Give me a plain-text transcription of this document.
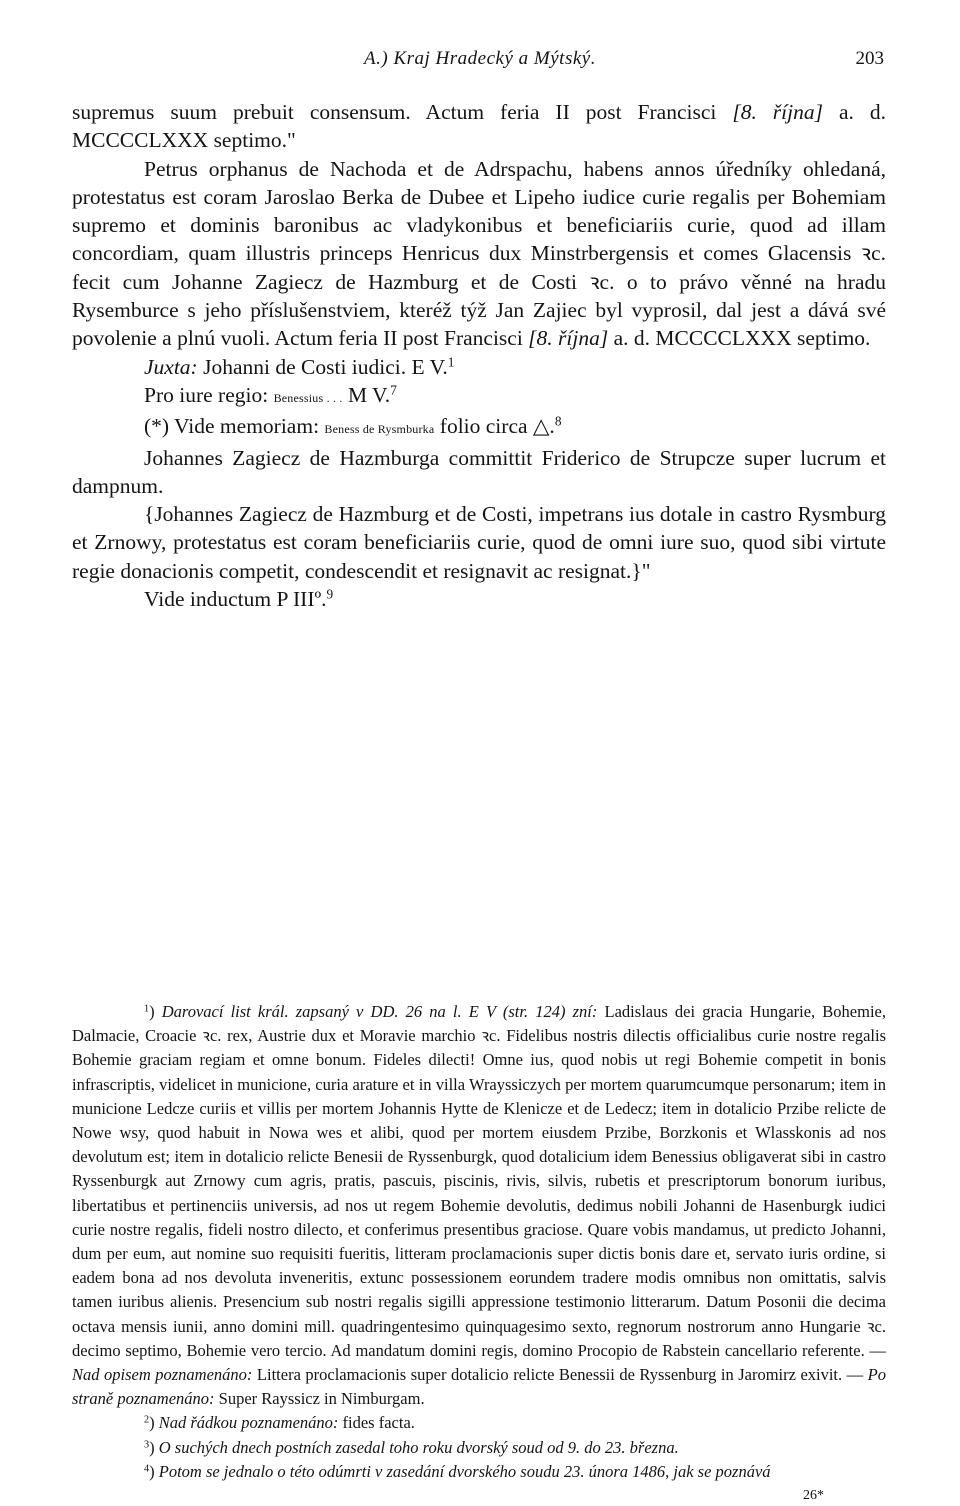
A.) Kraj Hradecký a Mýtský.	203

supremus suum prebuit consensum. Actum feria II post Francisci [8. října] a. d. MCCCCLXXX septimo."

Petrus orphanus de Nachoda et de Adrspachu, habens annos úředníky ohledaná, protestatus est coram Jaroslao Berka de Dubee et Lipeho iudice curie regalis per Bohemiam supremo et dominis baronibus ac vladykonibus et beneficiariis curie, quod ad illam concordiam, quam illustris princeps Henricus dux Minstrbergensis et comes Glacensis ꝛc. fecit cum Johanne Zagiecz de Hazmburg et de Costi ꝛc. o to právo věnné na hradu Rysemburce s jeho příslušenstviem, kteréž týž Jan Zajiec byl vyprosil, dal jest a dává své povolenie a plnú vuoli. Actum feria II post Francisci [8. října] a. d. MCCCCLXXX septimo.

Juxta: Johanni de Costi iudici. E V.$^1$

Pro iure regio: Benessius . . . M V.$^7$

(*) Vide memoriam: Beness de Rysmburka folio circa △.$^8$

Johannes Zagiecz de Hazmburga committit Friderico de Strupcze super lucrum et dampnum.

{Johannes Zagiecz de Hazmburg et de Costi, impetrans ius dotale in castro Rysmburg et Zrnowy, protestatus est coram beneficiariis curie, quod de omni iure suo, quod sibi virtute regie donacionis competit, condescendit et resignavit ac resignat.}"

Vide inductum P IIIº.$^9$

$^1$) Darovací list král. zapsaný v DD. 26 na l. E V (str. 124) zní: Ladislaus dei gracia Hungarie, Bohemie, Dalmacie, Croacie ꝛc. rex, Austrie dux et Moravie marchio ꝛc. Fidelibus nostris dilectis officialibus curie nostre regalis Bohemie graciam regiam et omne bonum. Fideles dilecti! Omne ius, quod nobis ut regi Bohemie competit in bonis infrascriptis, videlicet in municione, curia arature et in villa Wrayssiczych per mortem quarumcumque personarum; item in municione Ledcze curiis et villis per mortem Johannis Hytte de Klenicze et de Ledecz; item in dotalicio Przibe relicte de Nowe wsy, quod habuit in Nowa wes et alibi, quod per mortem eiusdem Przibe, Borzkonis et Wlasskonis ad nos devolutum est; item in dotalicio relicte Benesii de Ryssenburgk, quod dotalicium idem Benessius obligaverat sibi in castro Ryssenburgk aut Zrnowy cum agris, pratis, pascuis, piscinis, rivis, silvis, rubetis et prescriptorum bonorum iuribus, libertatibus et pertinenciis universis, ad nos ut regem Bohemie devolutis, dedimus nobili Johanni de Hasenburgk iudici curie nostre regalis, fideli nostro dilecto, et conferimus presentibus graciose. Quare vobis mandamus, ut predicto Johanni, dum per eum, aut nomine suo requisiti fueritis, litteram proclamacionis super dictis bonis dare et, servato iuris ordine, si eadem bona ad nos devoluta inveneritis, extunc possessionem eorundem tradere modis omnibus non omittatis, salvis tamen iuribus alienis. Presencium sub nostri regalis sigilli appressione testimonio litterarum. Datum Posonii die decima octava mensis iunii, anno domini mill. quadringentesimo quinquagesimo sexto, regnorum nostrorum anno Hungarie ꝛc. decimo septimo, Bohemie vero tercio. Ad mandatum domini regis, domino Procopio de Rabstein cancellario referente. — Nad opisem poznamenáno: Littera proclamacionis super dotalicio relicte Benessii de Ryssenburg in Jaromirz exivit. — Po straně poznamenáno: Super Rayssicz in Nimburgam.

$^2$) Nad řádkou poznamenáno: fides facta.

$^3$) O suchých dnech postních zasedal toho roku dvorský soud od 9. do 23. března.

$^4$) Potom se jednalo o této odúmrti v zasedání dvorského soudu 23. února 1486, jak se poznává

26*
